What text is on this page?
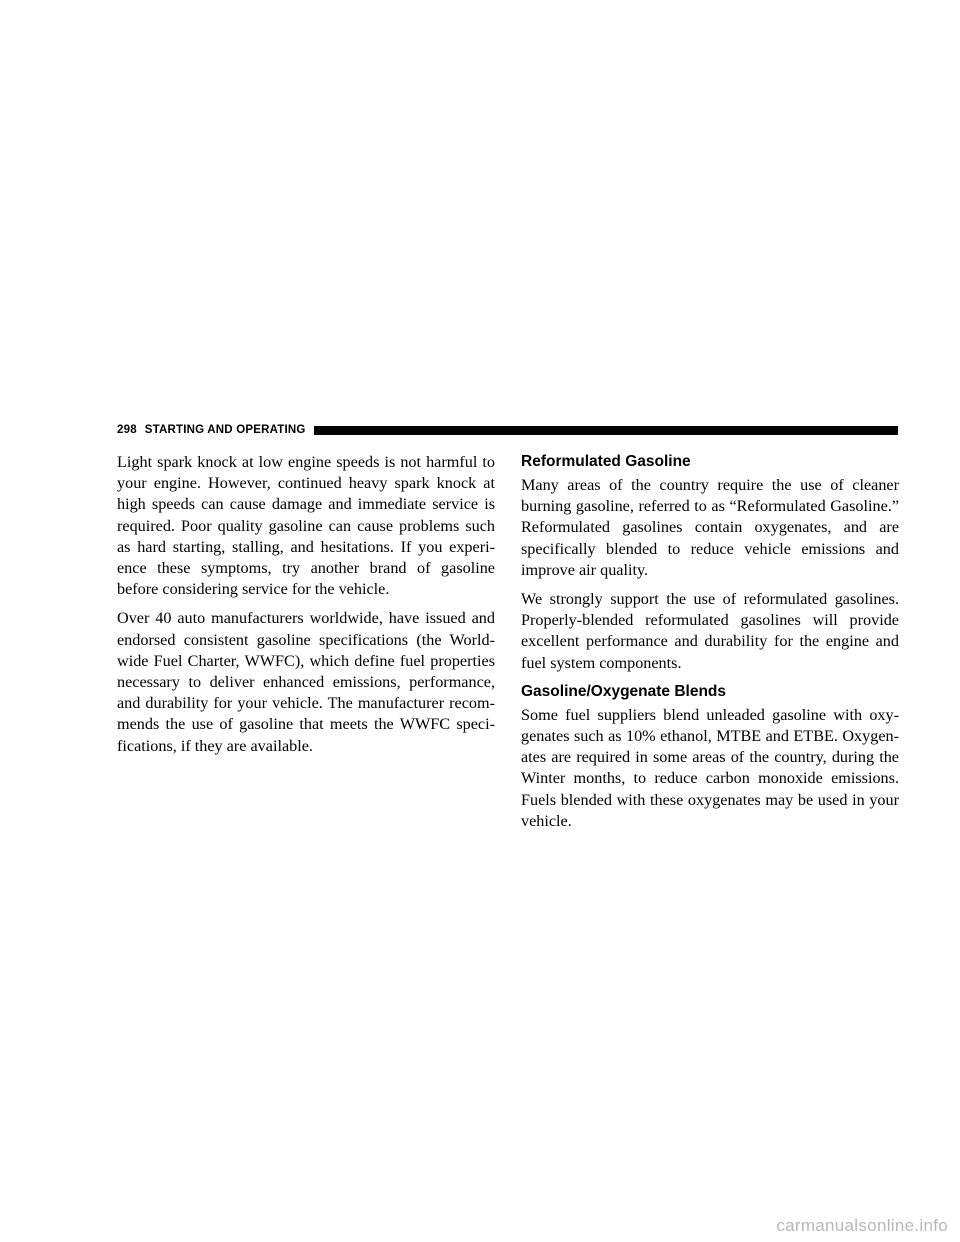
298 STARTING AND OPERATING

Light spark knock at low engine speeds is not harmful to your engine. However, continued heavy spark knock at high speeds can cause damage and immediate service is required. Poor quality gasoline can cause problems such as hard starting, stalling, and hesitations. If you experience these symptoms, try another brand of gasoline before considering service for the vehicle.

Over 40 auto manufacturers worldwide, have issued and endorsed consistent gasoline specifications (the Worldwide Fuel Charter, WWFC), which define fuel properties necessary to deliver enhanced emissions, performance, and durability for your vehicle. The manufacturer recommends the use of gasoline that meets the WWFC specifications, if they are available.

Reformulated Gasoline

Many areas of the country require the use of cleaner burning gasoline, referred to as “Reformulated Gasoline.” Reformulated gasolines contain oxygenates, and are specifically blended to reduce vehicle emissions and improve air quality.

We strongly support the use of reformulated gasolines. Properly-blended reformulated gasolines will provide excellent performance and durability for the engine and fuel system components.

Gasoline/Oxygenate Blends

Some fuel suppliers blend unleaded gasoline with oxygenates such as 10% ethanol, MTBE and ETBE. Oxygenates are required in some areas of the country, during the Winter months, to reduce carbon monoxide emissions. Fuels blended with these oxygenates may be used in your vehicle.

carmanualsonline.info
